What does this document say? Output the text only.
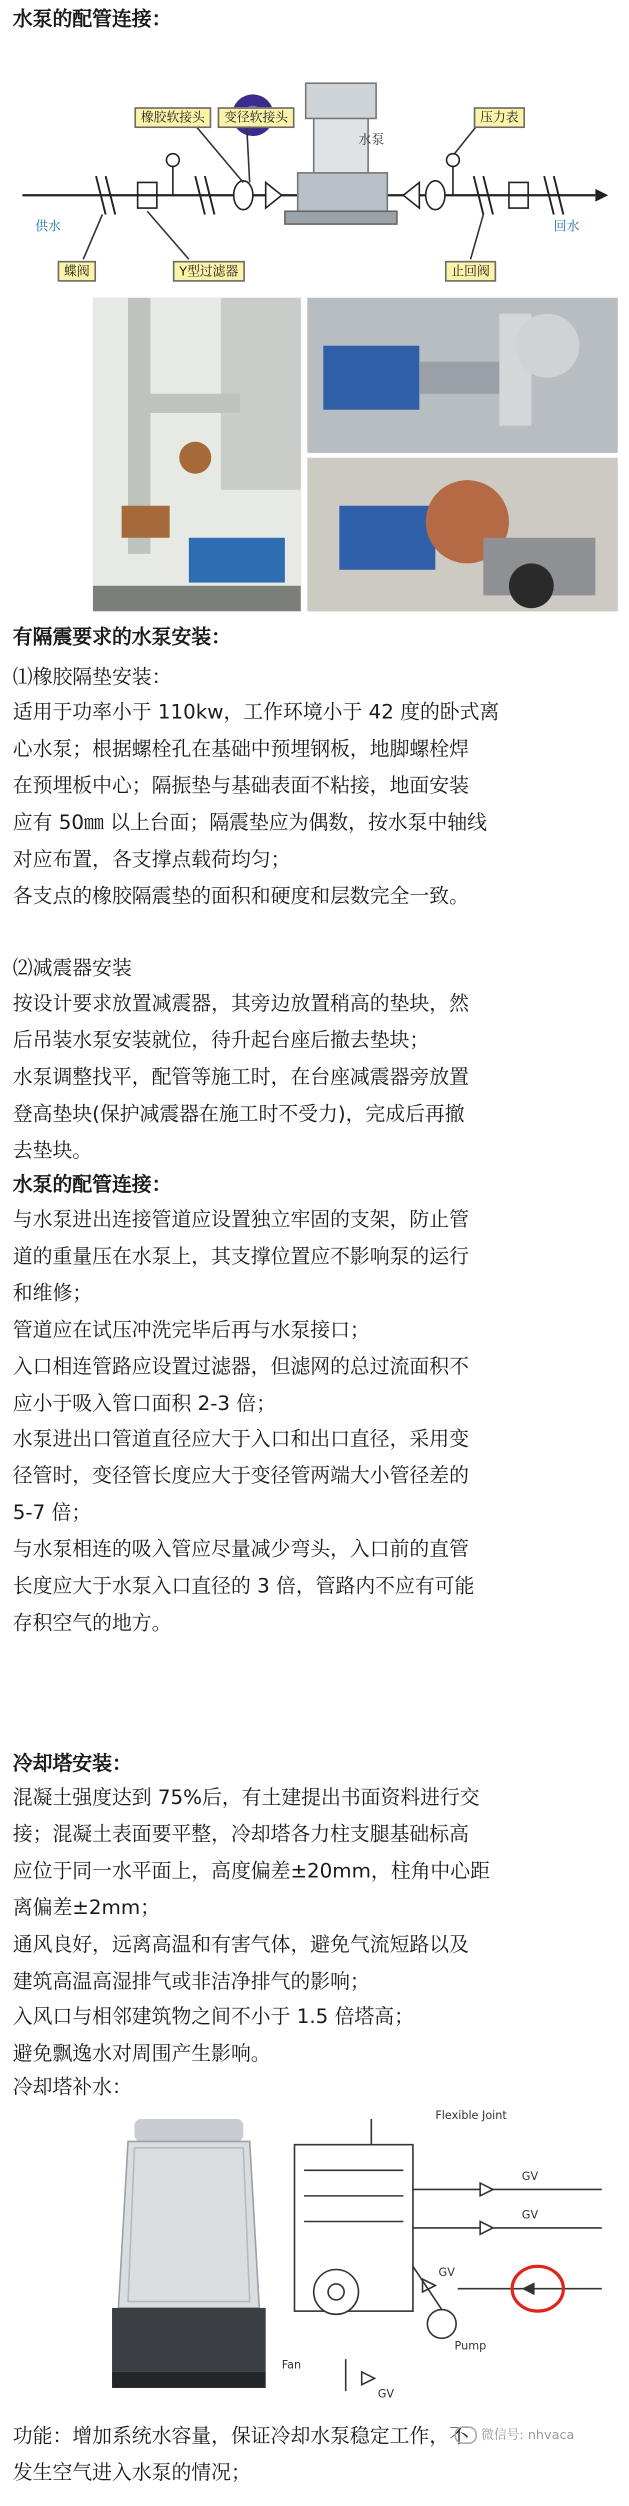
水泵的配管连接：
供水	回水
水泵
橡胶软接头	变径软接头	压力表
蝶阀	Y型过滤器	止回阀
有隔震要求的水泵安装：
⑴橡胶隔垫安装：

适用于功率小于 110kw，工作环境小于 42 度的卧式离

心水泵；根据螺栓孔在基础中预埋钢板，地脚螺栓焊

在预埋板中心；隔振垫与基础表面不粘接，地面安装

应有 50㎜ 以上台面；隔震垫应为偶数，按水泵中轴线

对应布置，各支撑点载荷均匀；

各支点的橡胶隔震垫的面积和硬度和层数完全一致。

⑵减震器安装

按设计要求放置减震器，其旁边放置稍高的垫块，然

后吊装水泵安装就位，待升起台座后撤去垫块；

水泵调整找平，配管等施工时，在台座减震器旁放置

登高垫块(保护减震器在施工时不受力)，完成后再撤

去垫块。

水泵的配管连接：

与水泵进出连接管道应设置独立牢固的支架，防止管

道的重量压在水泵上，其支撑位置应不影响泵的运行

和维修；

管道应在试压冲洗完毕后再与水泵接口；

入口相连管路应设置过滤器，但滤网的总过流面积不

应小于吸入管口面积 2-3 倍；

水泵进出口管道直径应大于入口和出口直径，采用变

径管时，变径管长度应大于变径管两端大小管径差的

5-7 倍；

与水泵相连的吸入管应尽量减少弯头，入口前的直管

长度应大于水泵入口直径的 3 倍，管路内不应有可能

存积空气的地方。

冷却塔安装：

混凝土强度达到 75%后，有土建提出书面资料进行交

接；混凝土表面要平整，冷却塔各力柱支腿基础标高

应位于同一水平面上，高度偏差±20mm，柱角中心距

离偏差±2mm；

通风良好，远离高温和有害气体，避免气流短路以及

建筑高温高湿排气或非洁净排气的影响；

入风口与相邻建筑物之间不小于 1.5 倍塔高；

避免飘逸水对周围产生影响。

冷却塔补水：
Flexible Joint
GV
GV
GV
GV
Fan
Pump

功能：增加系统水容量，保证冷却水泵稳定工作，不

发生空气进入水泵的情况；

微信号: nhvaca
